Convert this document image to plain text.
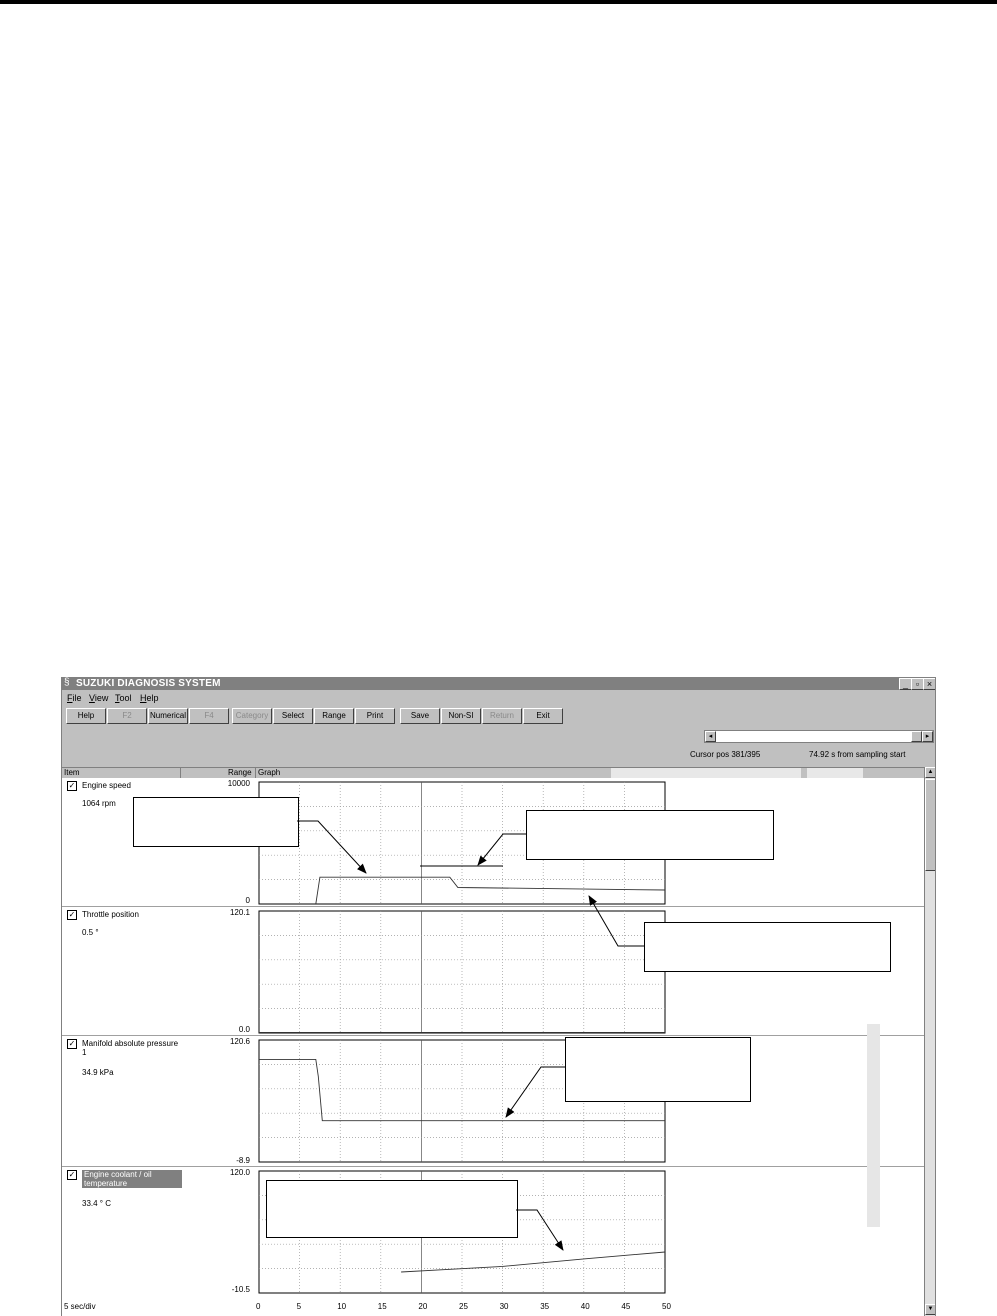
§ SUZUKI DIAGNOSIS SYSTEM	_ ▫ ×
File View Tool Help
Help	F2	Numerical	F4	Category	Select	Range	Print	Save	Non-SI	Return	Exit
◂	▸
Cursor pos 381/395	74.92 s from sampling start
Item	Range Graph
✓ Engine speed
1064 rpm
10000
0
✓ Throttle position
0.5 °
120.1
0.0
✓ Manifold absolute pressure 1
34.9 kPa
120.6
-8.9
✓ Engine coolant / oil temperature
33.4 ° C
120.0
-10.5
5 sec/div	0	5	10	15	20	25	30	35	40	45	50
▲
▼
